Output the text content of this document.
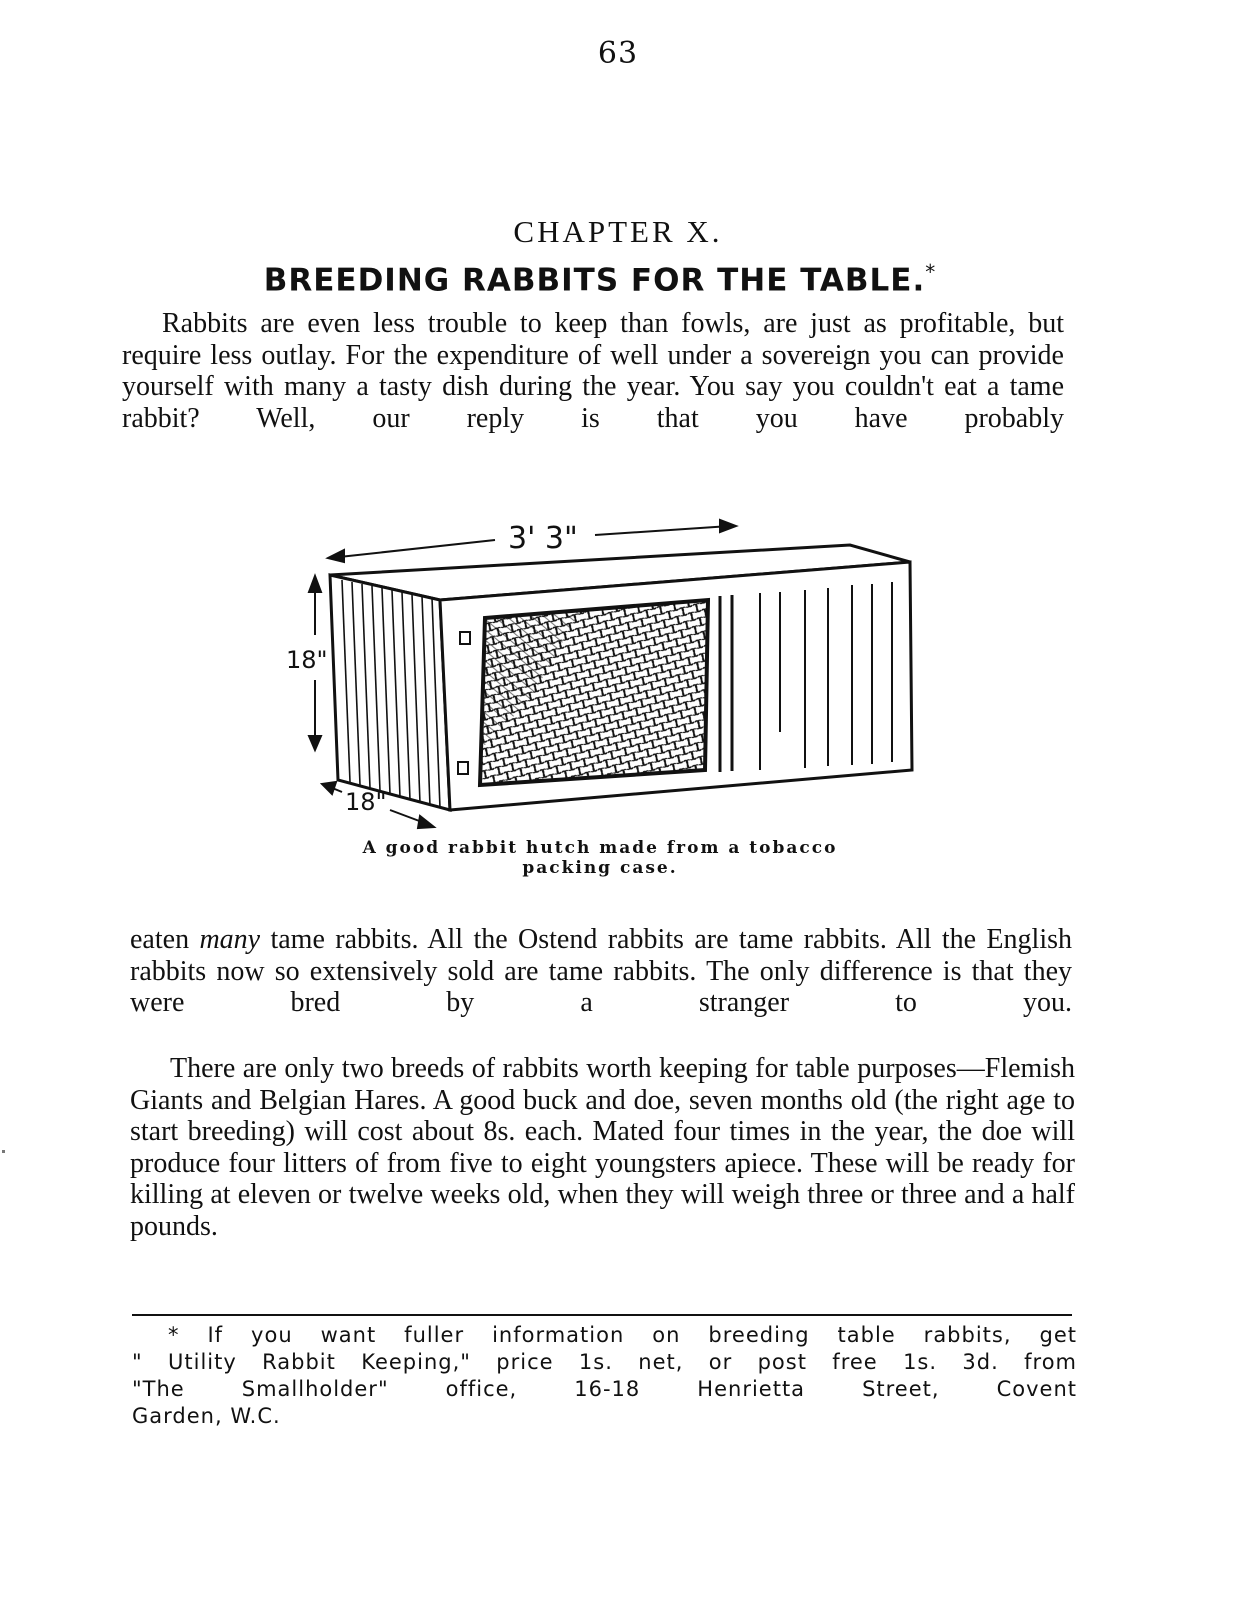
63
CHAPTER X.
BREEDING RABBITS FOR THE TABLE.*
Rabbits are even less trouble to keep than fowls, are just as profitable, but require less outlay. For the expenditure of well under a sovereign you can provide yourself with many a tasty dish during the year. You say you couldn't eat a tame rabbit? Well, our reply is that you have probably
3' 3"
18"
18"
A good rabbit hutch made from a tobacco
packing case.
eaten many tame rabbits. All the Ostend rabbits are tame rabbits. All the English rabbits now so extensively sold are tame rabbits. The only difference is that they were bred by a stranger to you.
There are only two breeds of rabbits worth keeping for table purposes—Flemish Giants and Belgian Hares. A good buck and doe, seven months old (the right age to start breeding) will cost about 8s. each. Mated four times in the year, the doe will produce four litters of from five to eight youngsters apiece. These will be ready for killing at eleven or twelve weeks old, when they will weigh three or three and a half pounds.
* If you want fuller information on breeding table rabbits, get
" Utility Rabbit Keeping," price 1s. net, or post free 1s. 3d. from
"The Smallholder" office, 16-18 Henrietta Street, Covent
Garden, W.C.
